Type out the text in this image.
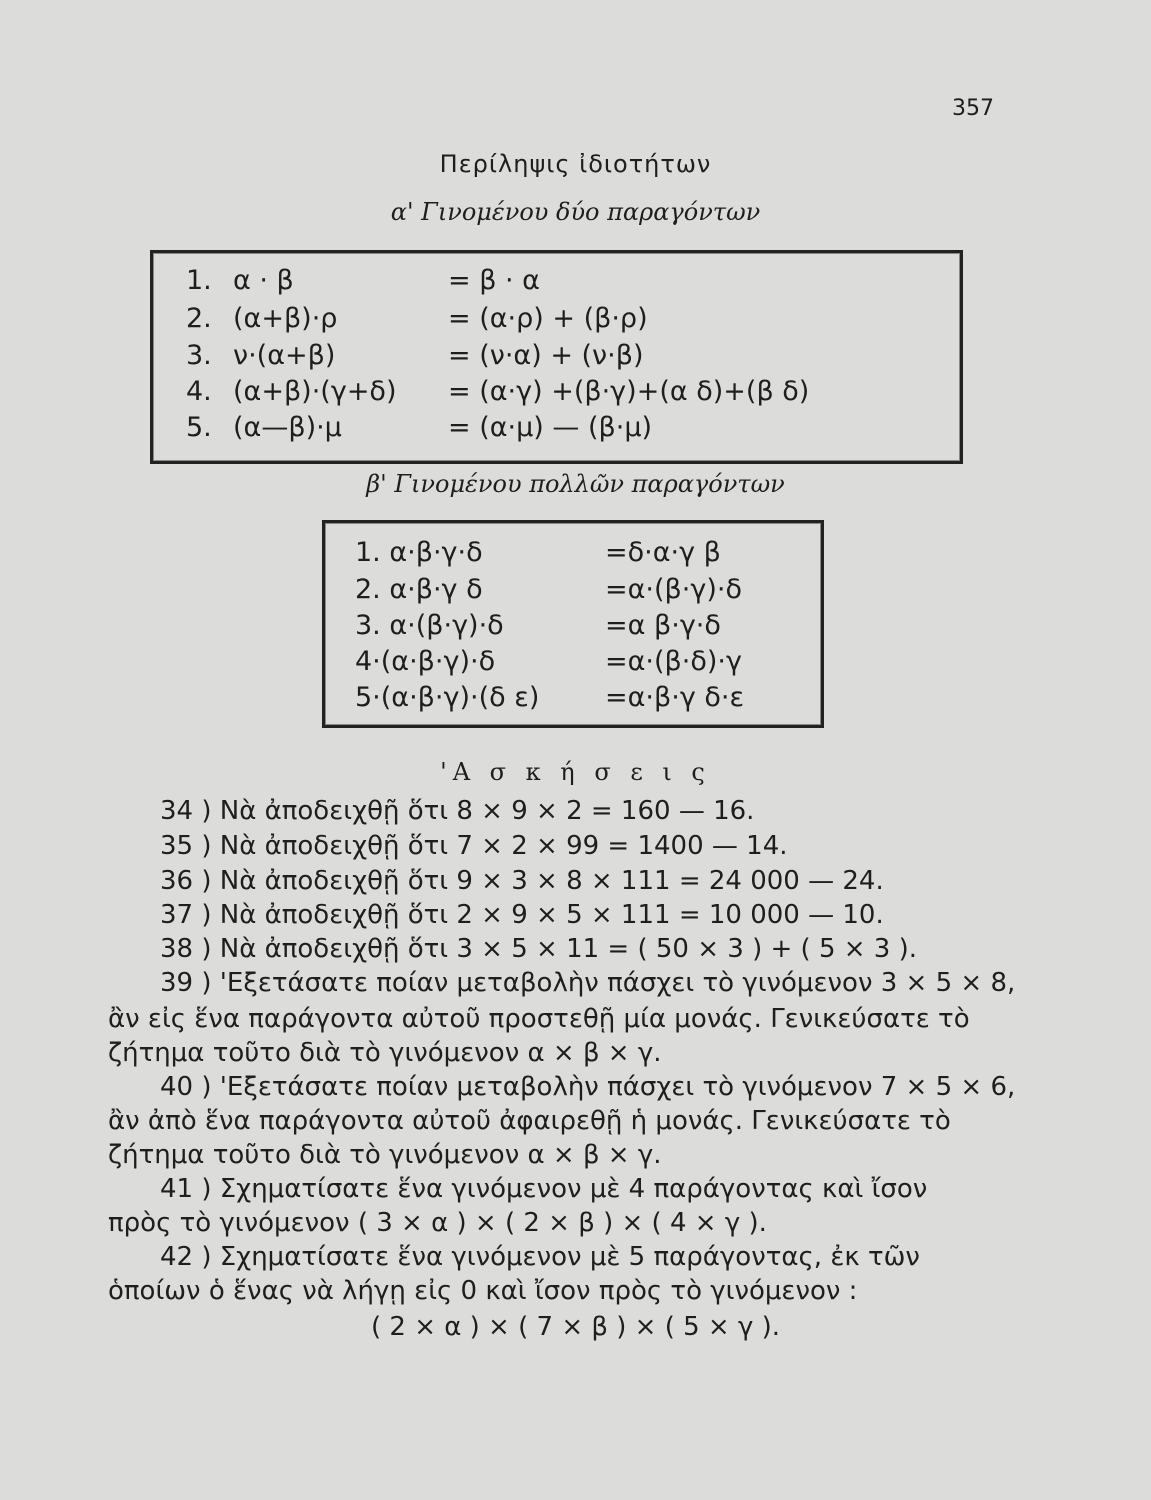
357
Περίληψις ἰδιοτήτων
α' Γινομένου δύο παραγόντων
1. α · β	= β · α
2. (α+β)·ρ	= (α·ρ) + (β·ρ)
3. ν·(α+β)	= (ν·α) + (ν·β)
4. (α+β)·(γ+δ) = (α·γ) +(β·γ)+(α δ)+(β δ)
5. (α—β)·μ	= (α·μ) — (β·μ)
β' Γινομένου πολλῶν παραγόντων
1. α·β·γ·δ	=δ·α·γ β
2. α·β·γ δ	=α·(β·γ)·δ
3. α·(β·γ)·δ	=α β·γ·δ
4·(α·β·γ)·δ	=α·(β·δ)·γ
5·(α·β·γ)·(δ ε) =α·β·γ δ·ε
'Α σ κ ή σ ε ι ς
34 ) Νὰ ἀποδειχθῇ ὅτι 8 × 9 × 2 = 160 — 16.
35 ) Νὰ ἀποδειχθῇ ὅτι 7 × 2 × 99 = 1400 — 14.
36 ) Νὰ ἀποδειχθῇ ὅτι 9 × 3 × 8 × 111 = 24 000 — 24.
37 ) Νὰ ἀποδειχθῇ ὅτι 2 × 9 × 5 × 111 = 10 000 — 10.
38 ) Νὰ ἀποδειχθῇ ὅτι 3 × 5 × 11 = ( 50 × 3 ) + ( 5 × 3 ).
39 ) 'Εξετάσατε ποίαν μεταβολὴν πάσχει τὸ γινόμενον 3 × 5 × 8,
ἂν εἰς ἕνα παράγοντα αὐτοῦ προστεθῇ μία μονάς. Γενικεύσατε τὸ
ζήτημα τοῦτο διὰ τὸ γινόμενον α × β × γ.
40 ) 'Εξετάσατε ποίαν μεταβολὴν πάσχει τὸ γινόμενον 7 × 5 × 6,
ἂν ἀπὸ ἕνα παράγοντα αὐτοῦ ἀφαιρεθῇ ἡ μονάς. Γενικεύσατε τὸ
ζήτημα τοῦτο διὰ τὸ γινόμενον α × β × γ.
41 ) Σχηματίσατε ἕνα γινόμενον μὲ 4 παράγοντας καὶ ἴσον
πρὸς τὸ γινόμενον ( 3 × α ) × ( 2 × β ) × ( 4 × γ ).
42 ) Σχηματίσατε ἕνα γινόμενον μὲ 5 παράγοντας, ἐκ τῶν
ὁποίων ὁ ἕνας νὰ λήγῃ εἰς 0 καὶ ἴσον πρὸς τὸ γινόμενον :
( 2 × α ) × ( 7 × β ) × ( 5 × γ ).
